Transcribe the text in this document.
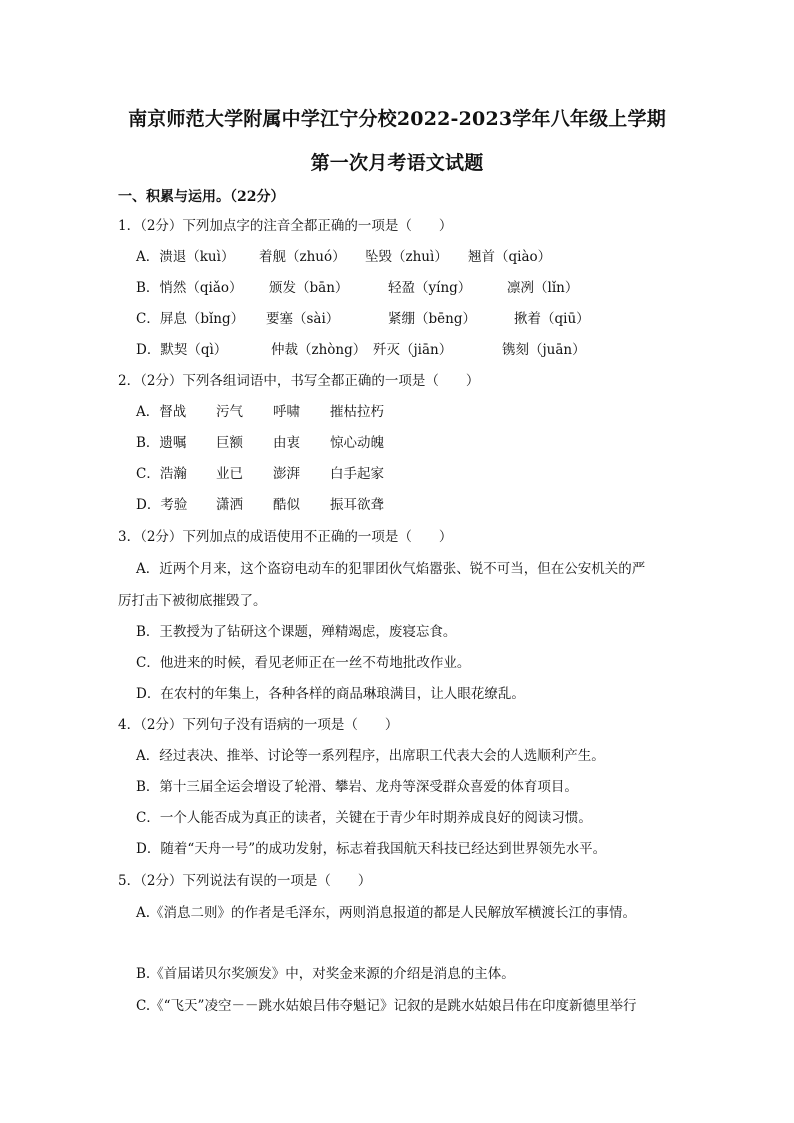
南京师范大学附属中学江宁分校2022-2023学年八年级上学期
第一次月考语文试题
一、积累与运用。（22分）
1．（2分）下列加点字的注音全都正确的一项是（　　）
A．溃退（kuì） 着舰（zhuó） 坠毁（zhuì） 翘首（qiào）
B．悄然（qiǎo） 颁发（bān）	轻盈（yíng）	凛冽（lǐn）
C．屏息（bǐng） 要塞（sài）	紧绷（bēng）	揪着（qiū）
D．默契（qì）	仲裁（zhòng） 歼灭（jiān）	镌刻（juān）
2．（2分）下列各组词语中，书写全都正确的一项是（　　）
A．督战 污气 呼啸 摧枯拉朽
B．遗嘱 巨额 由衷 惊心动魄
C．浩瀚 业已 澎湃 白手起家
D．考验 潇洒 酷似 振耳欲聋
3．（2分）下列加点的成语使用不正确的一项是（　　）
A．近两个月来，这个盗窃电动车的犯罪团伙气焰嚣张、锐不可当，但在公安机关的严
厉打击下被彻底摧毁了。
B．王教授为了钻研这个课题，殚精竭虑，废寝忘食。
C．他进来的时候，看见老师正在一丝不苟地批改作业。
D．在农村的年集上，各种各样的商品琳琅满目，让人眼花缭乱。
4．（2分）下列句子没有语病的一项是（　　）
A．经过表决、推举、讨论等一系列程序，出席职工代表大会的人选顺利产生。
B．第十三届全运会增设了轮滑、攀岩、龙舟等深受群众喜爱的体育项目。
C．一个人能否成为真正的读者，关键在于青少年时期养成良好的阅读习惯。
D．随着“天舟一号”的成功发射，标志着我国航天科技已经达到世界领先水平。
5．（2分）下列说法有误的一项是（　　）
A.《消息二则》的作者是毛泽东，两则消息报道的都是人民解放军横渡长江的事情。
B.《首届诺贝尔奖颁发》中，对奖金来源的介绍是消息的主体。
C.《“飞天”凌空－－跳水姑娘吕伟夺魁记》记叙的是跳水姑娘吕伟在印度新德里举行
